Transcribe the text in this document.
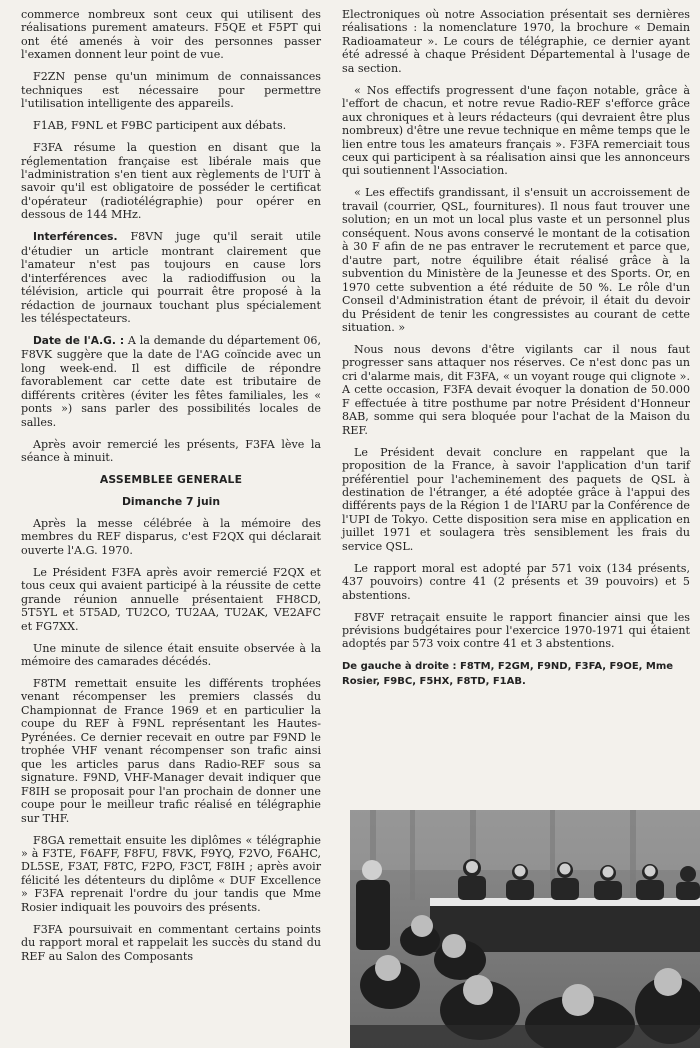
commerce nombreux sont ceux qui utilisent des réalisations purement amateurs. F5QE et F5PT qui ont été amenés à voir des personnes passer l'examen donnent leur point de vue.

F2ZN pense qu'un minimum de connaissances techniques est nécessaire pour permettre l'utilisation intelligente des appareils.

F1AB, F9NL et F9BC participent aux débats.

F3FA résume la question en disant que la réglementation française est libérale mais que l'administration s'en tient aux règlements de l'UIT à savoir qu'il est obligatoire de posséder le certificat d'opérateur (radiotélégraphie) pour opérer en dessous de 144 MHz.

Interférences. F8VN juge qu'il serait utile d'étudier un article montrant clairement que l'amateur n'est pas toujours en cause lors d'interférences avec la radiodiffusion ou la télévision, article qui pourrait être proposé à la rédaction de journaux touchant plus spécialement les téléspectateurs.

Date de l'A.G. : A la demande du département 06, F8VK suggère que la date de l'AG coïncide avec un long week-end. Il est difficile de répondre favorablement car cette date est tributaire de différents critères (éviter les fêtes familiales, les « ponts ») sans parler des possibilités locales de salles.

Après avoir remercié les présents, F3FA lève la séance à minuit.

ASSEMBLEE GENERALE

Dimanche 7 juin

Après la messe célébrée à la mémoire des membres du REF disparus, c'est F2QX qui déclarait ouverte l'A.G. 1970.

Le Président F3FA après avoir remercié F2QX et tous ceux qui avaient participé à la réussite de cette grande réunion annuelle présentaient FH8CD, 5T5YL et 5T5AD, TU2CO, TU2AA, TU2AK, VE2AFC et FG7XX.

Une minute de silence était ensuite observée à la mémoire des camarades décédés.

F8TM remettait ensuite les différents trophées venant récompenser les premiers classés du Championnat de France 1969 et en particulier la coupe du REF à F9NL représentant les Hautes-Pyrénées. Ce dernier recevait en outre par F9ND le trophée VHF venant récompenser son trafic ainsi que les articles parus dans Radio-REF sous sa signature. F9ND, VHF-Manager devait indiquer que F8IH se proposait pour l'an prochain de donner une coupe pour le meilleur trafic réalisé en télégraphie sur THF.

F8GA remettait ensuite les diplômes « télégraphie » à F3TE, F6AFF, F8FU, F8VK, F9YQ, F2VO, F6AHC, DL5SE, F3AT, F8TC, F2PO, F3CT, F8IH ; après avoir félicité les détenteurs du diplôme « DUF Excellence » F3FA reprenait l'ordre du jour tandis que Mme Rosier indiquait les pouvoirs des présents.

F3FA poursuivait en commentant certains points du rapport moral et rappelait les succès du stand du REF au Salon des Composants

Electroniques où notre Association présentait ses dernières réalisations : la nomenclature 1970, la brochure « Demain Radioamateur ». Le cours de télégraphie, ce dernier ayant été adressé à chaque Président Départemental à l'usage de sa section.

« Nos effectifs progressent d'une façon notable, grâce à l'effort de chacun, et notre revue Radio-REF s'efforce grâce aux chroniques et à leurs rédacteurs (qui devraient être plus nombreux) d'être une revue technique en même temps que le lien entre tous les amateurs français ». F3FA remerciait tous ceux qui participent à sa réalisation ainsi que les annonceurs qui soutiennent l'Association.

« Les effectifs grandissant, il s'ensuit un accroissement de travail (courrier, QSL, fournitures). Il nous faut trouver une solution; en un mot un local plus vaste et un personnel plus conséquent. Nous avons conservé le montant de la cotisation à 30 F afin de ne pas entraver le recrutement et parce que, d'autre part, notre équilibre était réalisé grâce à la subvention du Ministère de la Jeunesse et des Sports. Or, en 1970 cette subvention a été réduite de 50 %. Le rôle d'un Conseil d'Administration étant de prévoir, il était du devoir du Président de tenir les congressistes au courant de cette situation. »

Nous nous devons d'être vigilants car il nous faut progresser sans attaquer nos réserves. Ce n'est donc pas un cri d'alarme mais, dit F3FA, « un voyant rouge qui clignote ». A cette occasion, F3FA devait évoquer la donation de 50.000 F effectuée à titre posthume par notre Président d'Honneur 8AB, somme qui sera bloquée pour l'achat de la Maison du REF.

Le Président devait conclure en rappelant que la proposition de la France, à savoir l'application d'un tarif préférentiel pour l'acheminement des paquets de QSL à destination de l'étranger, a été adoptée grâce à l'appui des différents pays de la Région 1 de l'IARU par la Conférence de l'UPI de Tokyo. Cette disposition sera mise en application en juillet 1971 et soulagera très sensiblement les frais du service QSL.

Le rapport moral est adopté par 571 voix (134 présents, 437 pouvoirs) contre 41 (2 présents et 39 pouvoirs) et 5 abstentions.

F8VF retraçait ensuite le rapport financier ainsi que les prévisions budgétaires pour l'exercice 1970-1971 qui étaient adoptés par 573 voix contre 41 et 3 abstentions.

De gauche à droite : F8TM, F2GM, F9ND, F3FA, F9OE, Mme Rosier, F9BC, F5HX, F8TD, F1AB.
